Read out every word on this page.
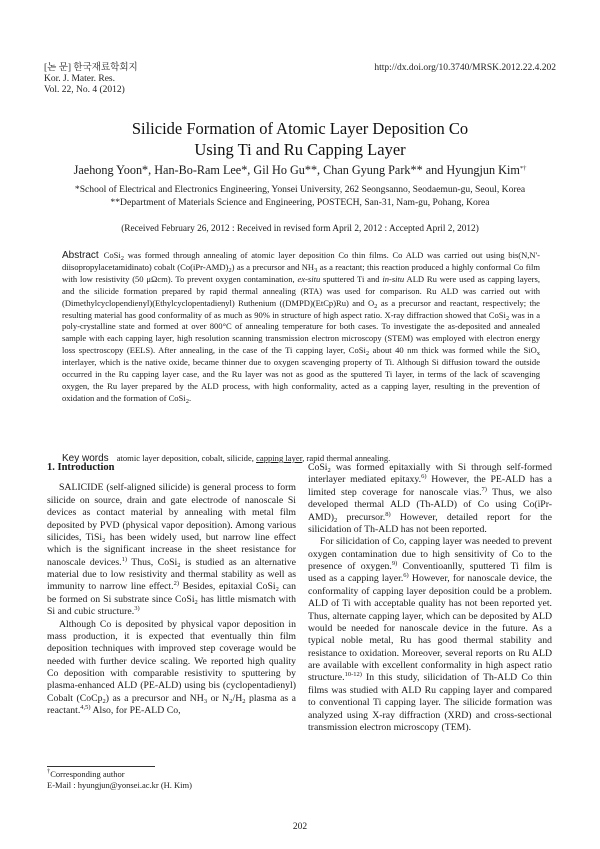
[논 문] 한국재료학회지
Kor. J. Mater. Res.
Vol. 22, No. 4 (2012)
http://dx.doi.org/10.3740/MRSK.2012.22.4.202
Silicide Formation of Atomic Layer Deposition Co
Using Ti and Ru Capping Layer
Jaehong Yoon*, Han-Bo-Ram Lee*, Gil Ho Gu**, Chan Gyung Park** and Hyungjun Kim*†
*School of Electrical and Electronics Engineering, Yonsei University, 262 Seongsanno, Seodaemun-gu, Seoul, Korea
**Department of Materials Science and Engineering, POSTECH, San-31, Nam-gu, Pohang, Korea
(Received February 26, 2012 : Received in revised form April 2, 2012 : Accepted April 2, 2012)
Abstract CoSi$_2$ was formed through annealing of atomic layer deposition Co thin films. Co ALD was carried out using bis(N,N'-diisopropylacetamidinato) cobalt $(Co(iPr-AMD)_2)$ as a precursor and $NH_3$ as a reactant; this reaction produced a highly conformal Co film with low resistivity (50 μΩcm). To prevent oxygen contamination, ex-situ sputtered Ti and in-situ ALD Ru were used as capping layers, and the silicide formation prepared by rapid thermal annealing (RTA) was used for comparison. Ru ALD was carried out with (Dimethylcyclopendienyl)(Ethylcyclopentadienyl) Ruthenium ((DMPD)(EtCp)Ru) and $O_2$ as a precursor and reactant, respectively; the resulting material has good conformality of as much as 90% in structure of high aspect ratio. X-ray diffraction showed that CoSi$_2$ was in a poly-crystalline state and formed at over 800°C of annealing temperature for both cases. To investigate the as-deposited and annealed sample with each capping layer, high resolution scanning transmission electron microscopy (STEM) was employed with electron energy loss spectroscopy (EELS). After annealing, in the case of the Ti capping layer, CoSi$_2$ about 40 nm thick was formed while the SiO$_x$ interlayer, which is the native oxide, became thinner due to oxygen scavenging property of Ti. Although Si diffusion toward the outside occurred in the Ru capping layer case, and the Ru layer was not as good as the sputtered Ti layer, in terms of the lack of scavenging oxygen, the Ru layer prepared by the ALD process, with high conformality, acted as a capping layer, resulting in the prevention of oxidation and the formation of CoSi$_2$.
Key words atomic layer deposition, cobalt, silicide, capping layer, rapid thermal annealing.
1. Introduction

SALICIDE (self-aligned silicide) is general process to form silicide on source, drain and gate electrode of nanoscale Si devices as contact material by annealing with metal film deposited by PVD (physical vapor deposition). Among various silicides, TiSi$_2$ has been widely used, but narrow line effect which is the significant increase in the sheet resistance for nanoscale devices.$^{1)}$ Thus, CoSi$_2$ is studied as an alternative material due to low resistivity and thermal stability as well as immunity to narrow line effect.$^{2)}$ Besides, epitaxial CoSi$_2$ can be formed on Si substrate since CoSi$_2$ has little mismatch with Si and cubic structure.$^{3)}$

Although Co is deposited by physical vapor deposition in mass production, it is expected that eventually thin film deposition techniques with improved step coverage would be needed with further device scaling. We reported high quality Co deposition with comparable resistivity to sputtering by plasma-enhanced ALD (PE-ALD) using bis (cyclopentadienyl) Cobalt (CoCp$_2$) as a precursor and $NH_3$ or $N_2/H_2$ plasma as a reactant.$^{4,5)}$ Also, for PE-ALD Co,

CoSi$_2$ was formed epitaxially with Si through self-formed interlayer mediated epitaxy.$^{6)}$ However, the PE-ALD has a limited step coverage for nanoscale vias.$^{7)}$ Thus, we also developed thermal ALD (Th-ALD) of Co using $Co(iPr-AMD)_2$ precursor.$^{8)}$ However, detailed report for the silicidation of Th-ALD has not been reported.

For silicidation of Co, capping layer was needed to prevent oxygen contamination due to high sensitivity of Co to the presence of oxygen.$^{9)}$ Conventioanlly, sputtered Ti film is used as a capping layer.$^{6)}$ However, for nanoscale device, the conformality of capping layer deposition could be a problem. ALD of Ti with acceptable quality has not been reported yet. Thus, alternate capping layer, which can be deposited by ALD would be needed for nanoscale device in the future. As a typical noble metal, Ru has good thermal stability and resistance to oxidation. Moreover, several reports on Ru ALD are available with excellent conformality in high aspect ratio structure.$^{10-12)}$ In this study, silicidation of Th-ALD Co thin films was studied with ALD Ru capping layer and compared to conventional Ti capping layer. The silicide formation was analyzed using X-ray diffraction (XRD) and cross-sectional transmission electron microscopy (TEM).

†Corresponding author
E-Mail : hyungjun@yonsei.ac.kr (H. Kim)
202
